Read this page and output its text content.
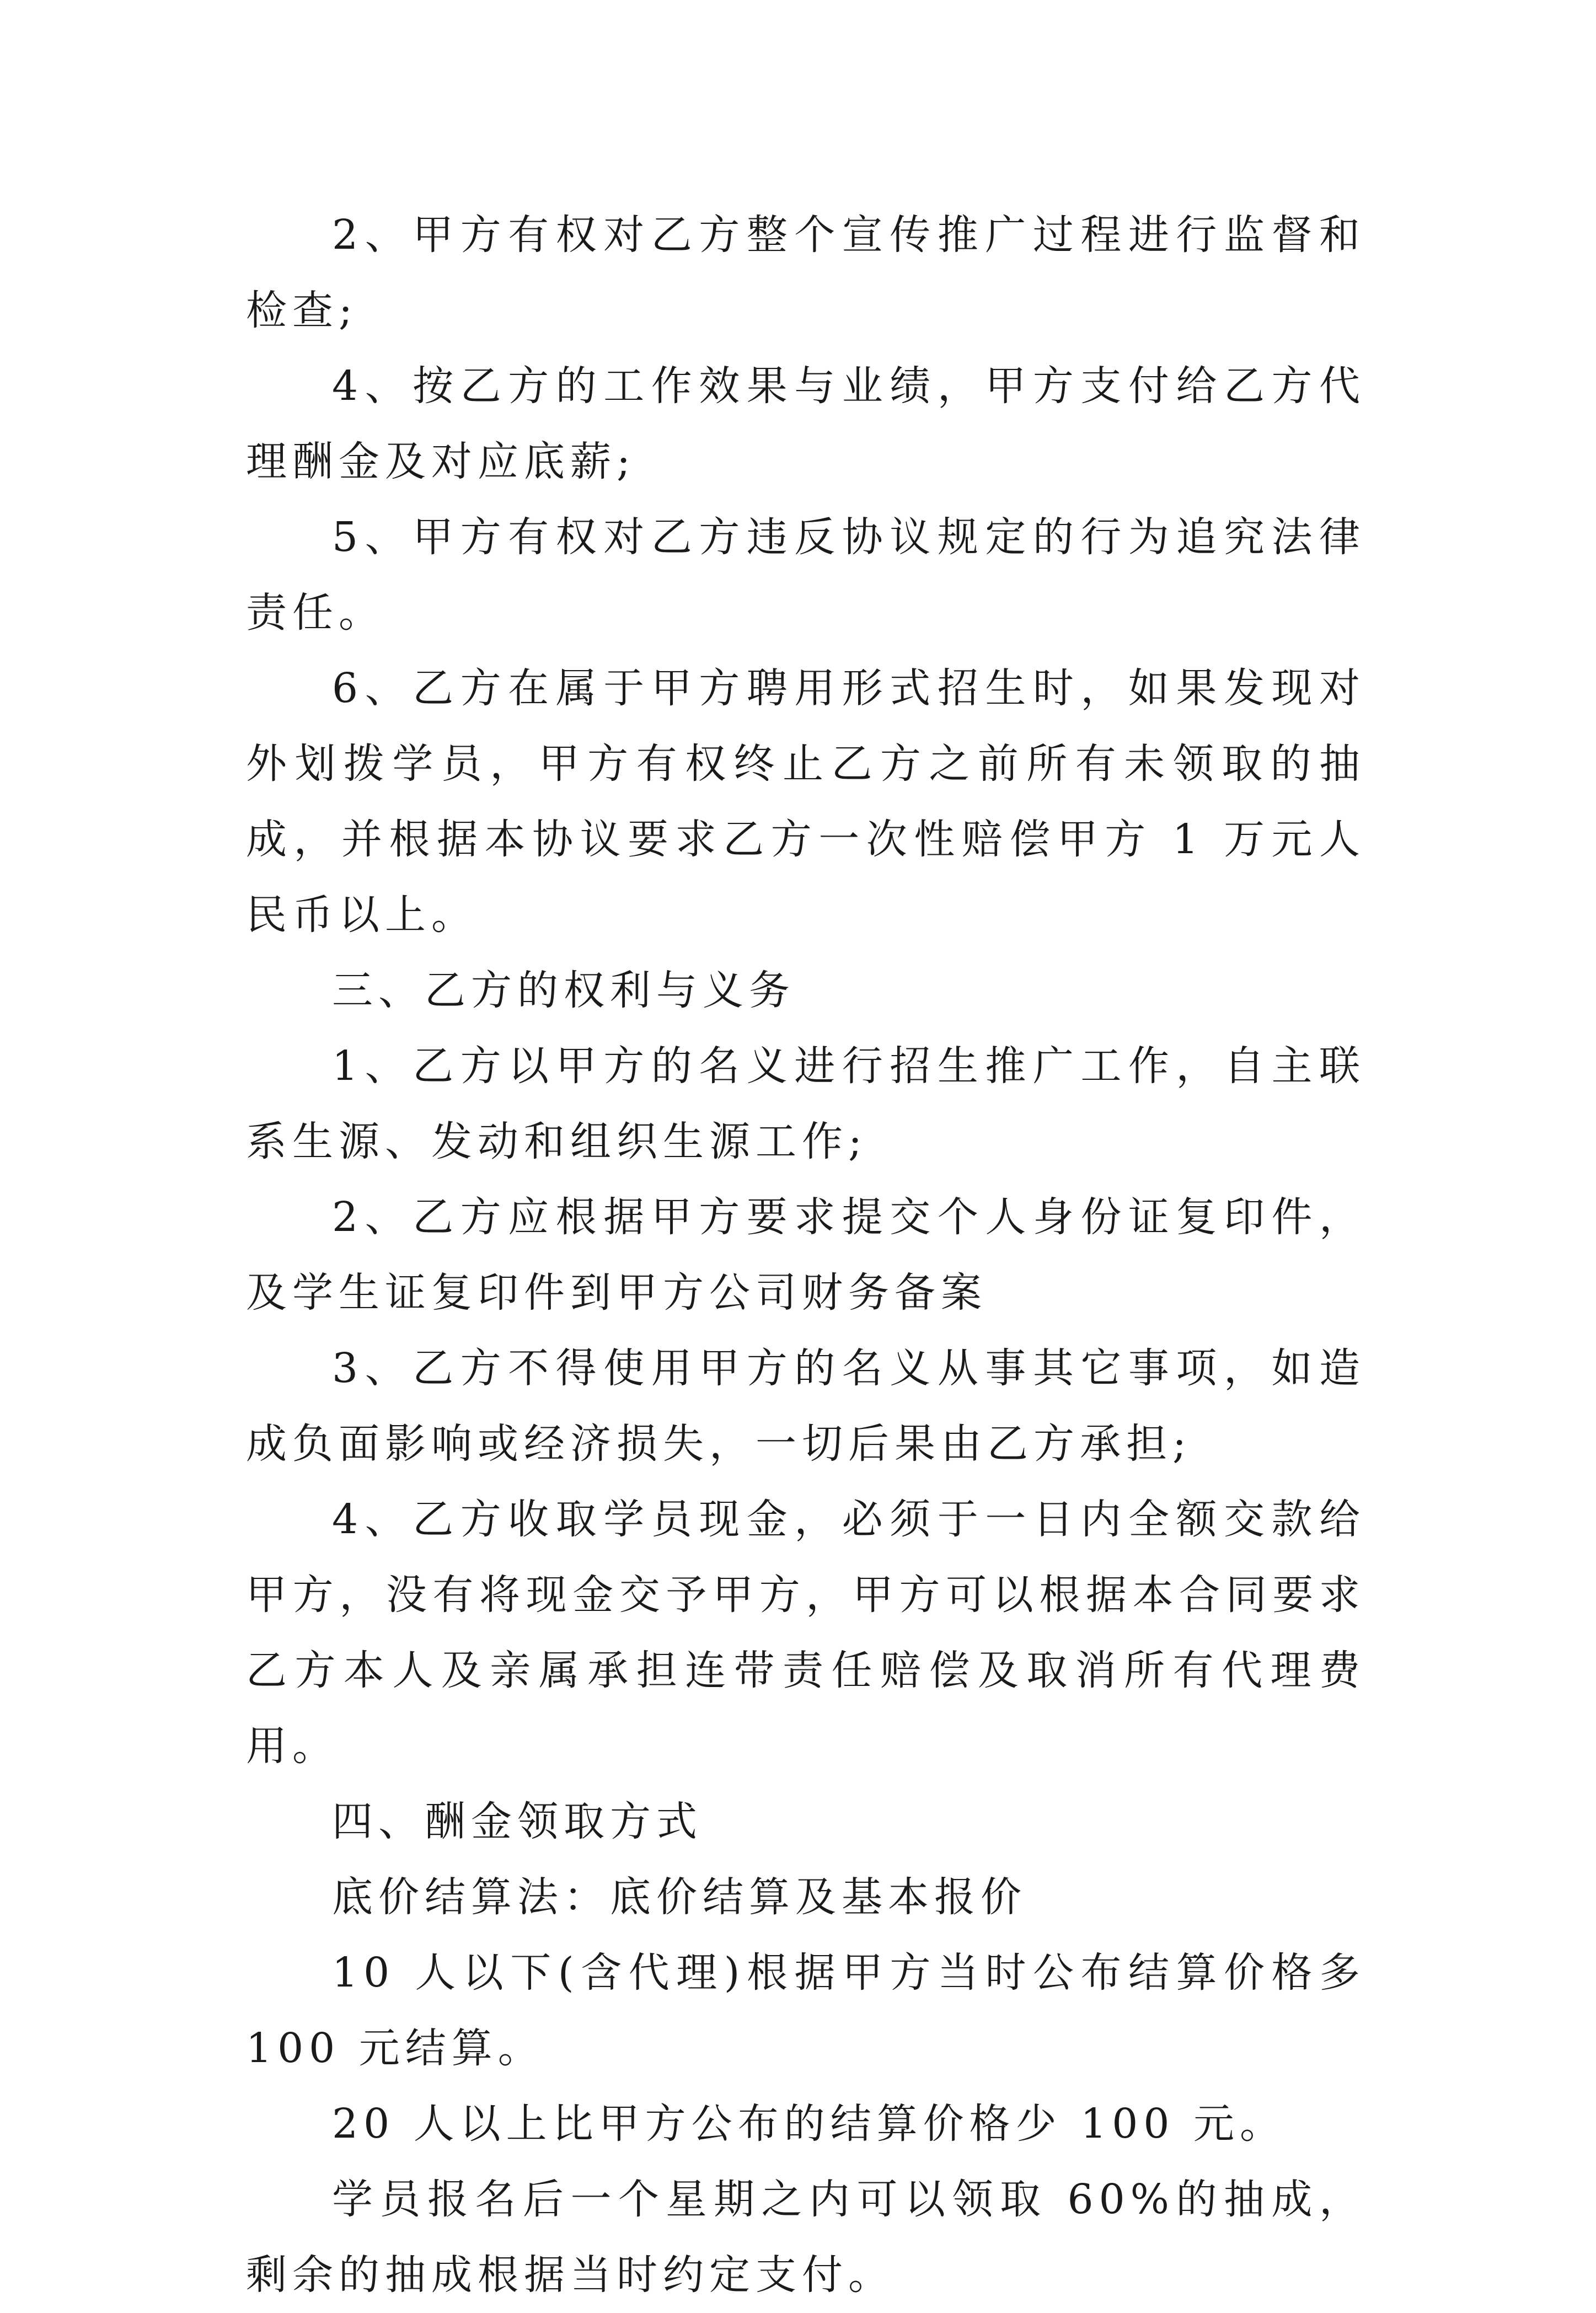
2、甲方有权对乙方整个宣传推广过程进行监督和检查;

4、按乙方的工作效果与业绩，甲方支付给乙方代理酬金及对应底薪;

5、甲方有权对乙方违反协议规定的行为追究法律责任。

6、乙方在属于甲方聘用形式招生时，如果发现对外划拨学员，甲方有权终止乙方之前所有未领取的抽成，并根据本协议要求乙方一次性赔偿甲方 1 万元人民币以上。

三、乙方的权利与义务

1、乙方以甲方的名义进行招生推广工作，自主联系生源、发动和组织生源工作;

2、乙方应根据甲方要求提交个人身份证复印件，及学生证复印件到甲方公司财务备案

3、乙方不得使用甲方的名义从事其它事项，如造成负面影响或经济损失，一切后果由乙方承担;

4、乙方收取学员现金，必须于一日内全额交款给甲方，没有将现金交予甲方，甲方可以根据本合同要求乙方本人及亲属承担连带责任赔偿及取消所有代理费用。

四、酬金领取方式

底价结算法：底价结算及基本报价

10 人以下(含代理)根据甲方当时公布结算价格多 100 元结算。

20 人以上比甲方公布的结算价格少 100 元。

学员报名后一个星期之内可以领取 60%的抽成，剩余的抽成根据当时约定支付。
